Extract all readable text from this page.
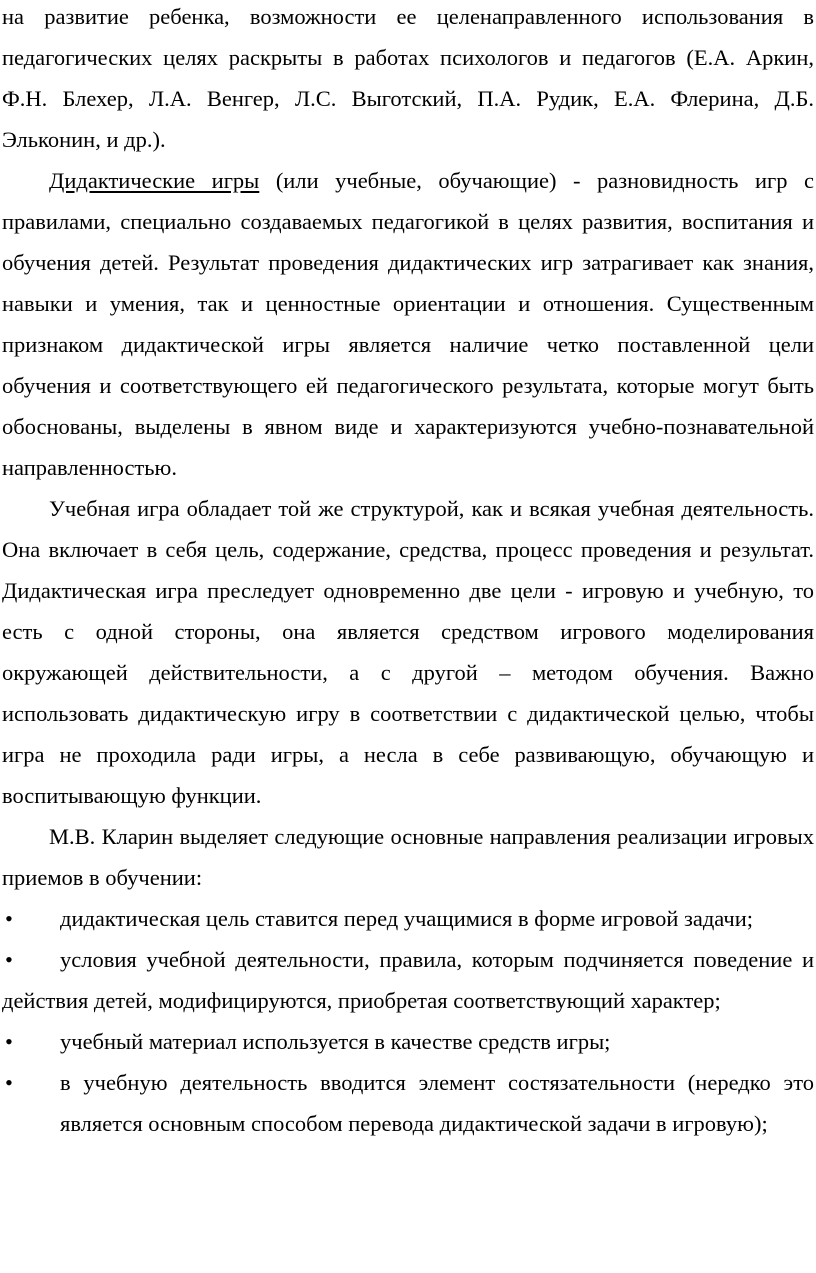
на развитие ребенка, возможности ее целенаправленного использования в педагогических целях раскрыты в работах психологов и педагогов (Е.А. Аркин, Ф.Н. Блехер, Л.А. Венгер, Л.С. Выготский, П.А. Рудик, Е.А. Флерина, Д.Б. Эльконин, и др.).

Дидактические игры (или учебные, обучающие) - разновидность игр с правилами, специально создаваемых педагогикой в целях развития, воспитания и обучения детей. Результат проведения дидактических игр затрагивает как знания, навыки и умения, так и ценностные ориентации и отношения. Существенным признаком дидактической игры является наличие четко поставленной цели обучения и соответствующего ей педагогического результата, которые могут быть обоснованы, выделены в явном виде и характеризуются учебно-познавательной направленностью.

Учебная игра обладает той же структурой, как и всякая учебная деятельность. Она включает в себя цель, содержание, средства, процесс проведения и результат. Дидактическая игра преследует одновременно две цели - игровую и учебную, то есть с одной стороны, она является средством игрового моделирования окружающей действительности, а с другой – методом обучения. Важно использовать дидактическую игру в соответствии с дидактической целью, чтобы игра не проходила ради игры, а несла в себе развивающую, обучающую и воспитывающую функции.

М.В. Кларин выделяет следующие основные направления реализации игровых приемов в обучении:

• дидактическая цель ставится перед учащимися в форме игровой задачи;
• условия учебной деятельности, правила, которым подчиняется поведение и действия детей, модифицируются, приобретая соответствующий характер;
• учебный материал используется в качестве средств игры;
• в учебную деятельность вводится элемент состязательности (нередко это является основным способом перевода дидактической задачи в игровую);
